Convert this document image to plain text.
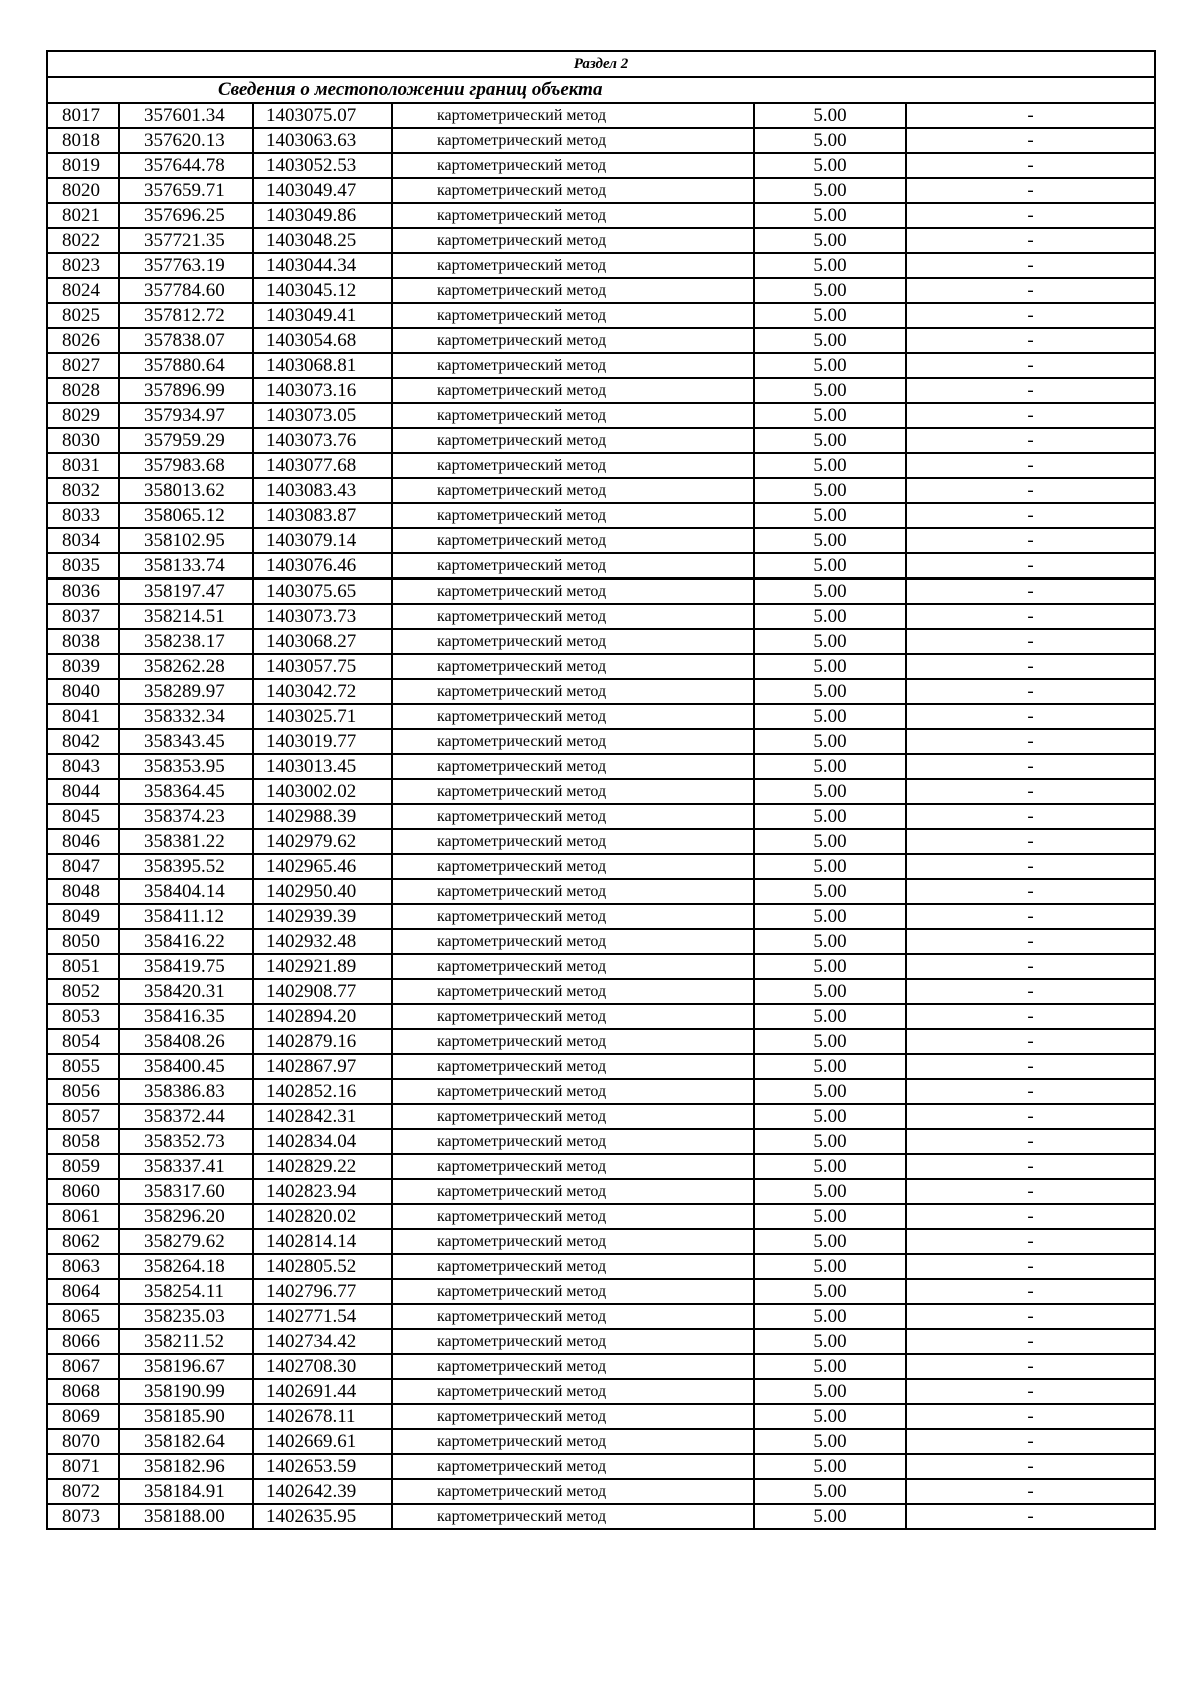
Раздел 2					
Сведения о местоположении границ объекта					
8017	357601.34	1403075.07	картометрический метод	5.00	-
8018	357620.13	1403063.63	картометрический метод	5.00	-
8019	357644.78	1403052.53	картометрический метод	5.00	-
8020	357659.71	1403049.47	картометрический метод	5.00	-
8021	357696.25	1403049.86	картометрический метод	5.00	-
8022	357721.35	1403048.25	картометрический метод	5.00	-
8023	357763.19	1403044.34	картометрический метод	5.00	-
8024	357784.60	1403045.12	картометрический метод	5.00	-
8025	357812.72	1403049.41	картометрический метод	5.00	-
8026	357838.07	1403054.68	картометрический метод	5.00	-
8027	357880.64	1403068.81	картометрический метод	5.00	-
8028	357896.99	1403073.16	картометрический метод	5.00	-
8029	357934.97	1403073.05	картометрический метод	5.00	-
8030	357959.29	1403073.76	картометрический метод	5.00	-
8031	357983.68	1403077.68	картометрический метод	5.00	-
8032	358013.62	1403083.43	картометрический метод	5.00	-
8033	358065.12	1403083.87	картометрический метод	5.00	-
8034	358102.95	1403079.14	картометрический метод	5.00	-
8035	358133.74	1403076.46	картометрический метод	5.00	-
8036	358197.47	1403075.65	картометрический метод	5.00	-
8037	358214.51	1403073.73	картометрический метод	5.00	-
8038	358238.17	1403068.27	картометрический метод	5.00	-
8039	358262.28	1403057.75	картометрический метод	5.00	-
8040	358289.97	1403042.72	картометрический метод	5.00	-
8041	358332.34	1403025.71	картометрический метод	5.00	-
8042	358343.45	1403019.77	картометрический метод	5.00	-
8043	358353.95	1403013.45	картометрический метод	5.00	-
8044	358364.45	1403002.02	картометрический метод	5.00	-
8045	358374.23	1402988.39	картометрический метод	5.00	-
8046	358381.22	1402979.62	картометрический метод	5.00	-
8047	358395.52	1402965.46	картометрический метод	5.00	-
8048	358404.14	1402950.40	картометрический метод	5.00	-
8049	358411.12	1402939.39	картометрический метод	5.00	-
8050	358416.22	1402932.48	картометрический метод	5.00	-
8051	358419.75	1402921.89	картометрический метод	5.00	-
8052	358420.31	1402908.77	картометрический метод	5.00	-
8053	358416.35	1402894.20	картометрический метод	5.00	-
8054	358408.26	1402879.16	картометрический метод	5.00	-
8055	358400.45	1402867.97	картометрический метод	5.00	-
8056	358386.83	1402852.16	картометрический метод	5.00	-
8057	358372.44	1402842.31	картометрический метод	5.00	-
8058	358352.73	1402834.04	картометрический метод	5.00	-
8059	358337.41	1402829.22	картометрический метод	5.00	-
8060	358317.60	1402823.94	картометрический метод	5.00	-
8061	358296.20	1402820.02	картометрический метод	5.00	-
8062	358279.62	1402814.14	картометрический метод	5.00	-
8063	358264.18	1402805.52	картометрический метод	5.00	-
8064	358254.11	1402796.77	картометрический метод	5.00	-
8065	358235.03	1402771.54	картометрический метод	5.00	-
8066	358211.52	1402734.42	картометрический метод	5.00	-
8067	358196.67	1402708.30	картометрический метод	5.00	-
8068	358190.99	1402691.44	картометрический метод	5.00	-
8069	358185.90	1402678.11	картометрический метод	5.00	-
8070	358182.64	1402669.61	картометрический метод	5.00	-
8071	358182.96	1402653.59	картометрический метод	5.00	-
8072	358184.91	1402642.39	картометрический метод	5.00	-
8073	358188.00	1402635.95	картометрический метод	5.00	-
